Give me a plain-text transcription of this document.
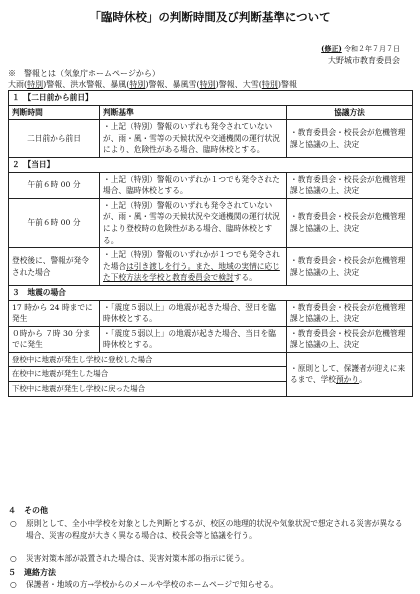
「臨時休校」の判断時間及び判断基準について
(修正) 令和２年７月７日
大野城市教育委員会
※　警報とは（気象庁ホームページから）
大雨(特別)警報、洪水警報、暴風(特別)警報、暴風雪(特別)警報、大雪(特別)警報
１　【二日前から前日】		
判断時間	判断基準	協議方法
二日前から前日	・上記（特別）警報のいずれも発令されていないが、雨・風・雪等の天候状況や交通機関の運行状況により、危険性がある場合、臨時休校とする。	・教育委員会・校長会が危機管理課と協議の上、決定
２　【当日】		
午前６時 00 分	・上記（特別）警報のいずれか１つでも発令された場合、臨時休校とする。	・教育委員会・校長会が危機管理課と協議の上、決定
午前６時 00 分	・上記（特別）警報のいずれも発令されていないが、雨・風・雪等の天候状況や交通機関の運行状況により登校時の危険性がある場合、臨時休校とする。	・教育委員会・校長会が危機管理課と協議の上、決定
登校後に、警報が発令された場合	・上記（特別）警報のいずれかが１つでも発令された場合は引き渡しを行う。また、地域の実情に応じた下校方法を学校と教育委員会で検討する。	・教育委員会・校長会が危機管理課と協議の上、決定
３　地震の場合		
17 時から 24 時までに発生	・「震度５弱以上」の地震が起きた場合、翌日を臨時休校とする。	・教育委員会・校長会が危機管理課と協議の上、決定
０時から ７時 30 分までに発生	・「震度５弱以上」の地震が起きた場合、当日を臨時休校とする。	・教育委員会・校長会が危機管理課と協議の上、決定
登校中に地震が発生し学校に登校した場合		・原則として、保護者が迎えに来るまで、学校預かり。
在校中に地震が発生した場合		
下校中に地震が発生し学校に戻った場合		
４　その他
○ 原則として、全小中学校を対象とした判断とするが、校区の地理的状況や気象状況で想定される災害が異なる場合、災害の程度が大きく異なる場合は、校長会等と協議を行う。
○ 災害対策本部が設置された場合は、災害対策本部の指示に従う。
５　連絡方法
○ 保護者・地域の方→学校からのメールや学校のホームページで知らせる。
